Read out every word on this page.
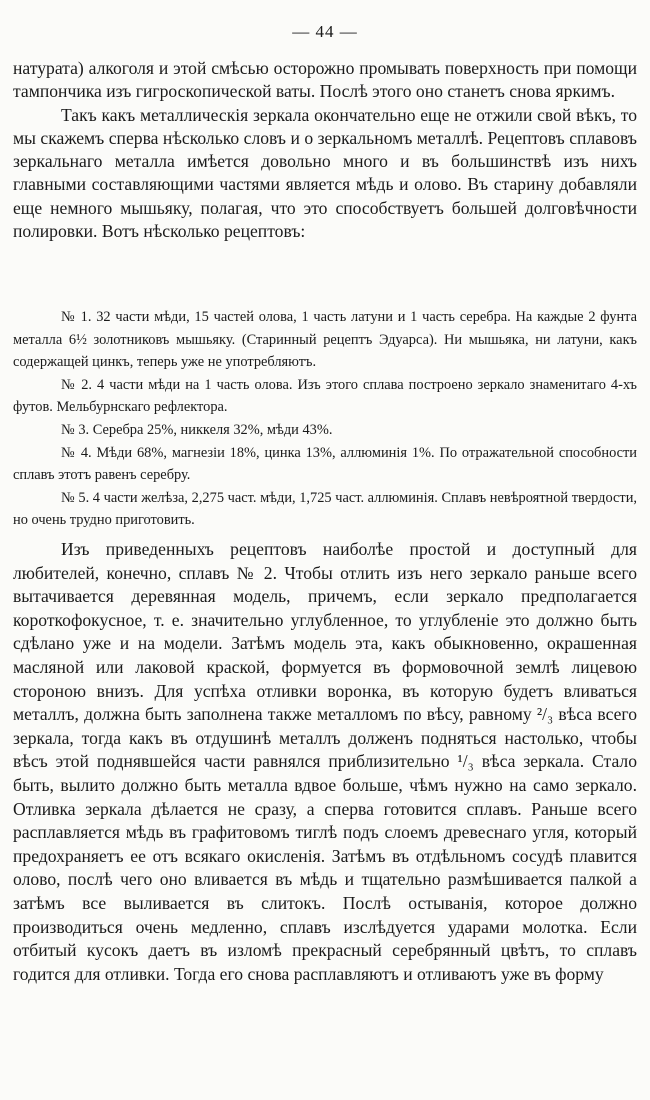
— 44 —

натурата) алкоголя и этой смѣсью осторожно промывать поверхность при помощи тампончика изъ гигроскопической ваты. Послѣ этого оно станетъ снова яркимъ.

Такъ какъ металлическія зеркала окончательно еще не отжили свой вѣкъ, то мы скажемъ сперва нѣсколько словъ и о зеркальномъ металлѣ. Рецептовъ сплавовъ зеркальнаго металла имѣется довольно много и въ большинствѣ изъ нихъ главными составляющими частями является мѣдь и олово. Въ старину добавляли еще немного мышьяку, полагая, что это способствуетъ большей долговѣчности полировки. Вотъ нѣсколько рецептовъ:

№ 1. 32 части мѣди, 15 частей олова, 1 часть латуни и 1 часть серебра. На каждые 2 фунта металла 6½ золотниковъ мышьяку. (Старинный рецептъ Эдуарса). Ни мышьяка, ни латуни, какъ содержащей цинкъ, теперь уже не употребляютъ.

№ 2. 4 части мѣди на 1 часть олова. Изъ этого сплава построено зеркало знаменитаго 4-хъ футов. Мельбурнскаго рефлектора.

№ 3. Серебра 25%, никкеля 32%, мѣди 43%.

№ 4. Мѣди 68%, магнезіи 18%, цинка 13%, аллюминія 1%. По отражательной способности сплавъ этотъ равенъ серебру.

№ 5. 4 части желѣза, 2,275 част. мѣди, 1,725 част. аллюминія. Сплавъ невѣроятной твердости, но очень трудно приготовить.

Изъ приведенныхъ рецептовъ наиболѣе простой и доступный для любителей, конечно, сплавъ № 2. Чтобы отлить изъ него зеркало раньше всего вытачивается деревянная модель, причемъ, если зеркало предполагается короткофокусное, т. е. значительно углубленное, то углубленіе это должно быть сдѣлано уже и на модели. Затѣмъ модель эта, какъ обыкновенно, окрашенная масляной или лаковой краской, формуется въ формовочной землѣ лицевою стороною внизъ. Для успѣха отливки воронка, въ которую будетъ вливаться металлъ, должна быть заполнена также металломъ по вѣсу, равному ²/₃ вѣса всего зеркала, тогда какъ въ отдушинѣ металлъ долженъ подняться настолько, чтобы вѣсъ этой поднявшейся части равнялся приблизительно ¹/₃ вѣса зеркала. Стало быть, вылито должно быть металла вдвое больше, чѣмъ нужно на само зеркало. Отливка зеркала дѣлается не сразу, а сперва готовится сплавъ. Раньше всего расплавляется мѣдь въ графитовомъ тиглѣ подъ слоемъ древеснаго угля, который предохраняетъ ее отъ всякаго окисленія. Затѣмъ въ отдѣльномъ сосудѣ плавится олово, послѣ чего оно вливается въ мѣдь и тщательно размѣшивается палкой а затѣмъ все выливается въ слитокъ. Послѣ остыванія, которое должно производиться очень медленно, сплавъ изслѣдуется ударами молотка. Если отбитый кусокъ даетъ въ изломѣ прекрасный серебрянный цвѣтъ, то сплавъ годится для отливки. Тогда его снова расплавляютъ и отливаютъ уже въ форму
